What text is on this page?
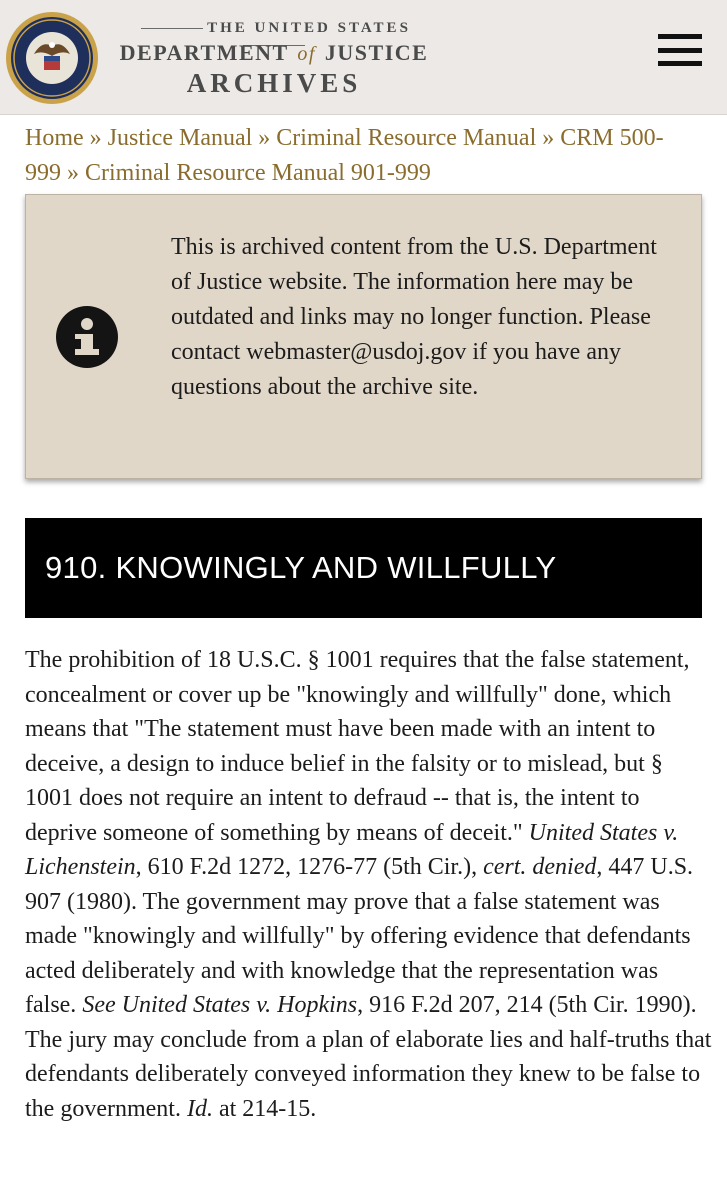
THE UNITED STATES
DEPARTMENT of JUSTICE
ARCHIVES
Home » Justice Manual » Criminal Resource Manual » CRM 500-999 » Criminal Resource Manual 901-999
This is archived content from the U.S. Department of Justice website. The information here may be outdated and links may no longer function. Please contact webmaster@usdoj.gov if you have any questions about the archive site.
910. KNOWINGLY AND WILLFULLY

The prohibition of 18 U.S.C. § 1001 requires that the false statement, concealment or cover up be "knowingly and willfully" done, which means that "The statement must have been made with an intent to deceive, a design to induce belief in the falsity or to mislead, but § 1001 does not require an intent to defraud -- that is, the intent to deprive someone of something by means of deceit." United States v. Lichenstein, 610 F.2d 1272, 1276-77 (5th Cir.), cert. denied, 447 U.S. 907 (1980). The government may prove that a false statement was made "knowingly and willfully" by offering evidence that defendants acted deliberately and with knowledge that the representation was false. See United States v. Hopkins, 916 F.2d 207, 214 (5th Cir. 1990). The jury may conclude from a plan of elaborate lies and half-truths that defendants deliberately conveyed information they knew to be false to the government. Id. at 214-15.
